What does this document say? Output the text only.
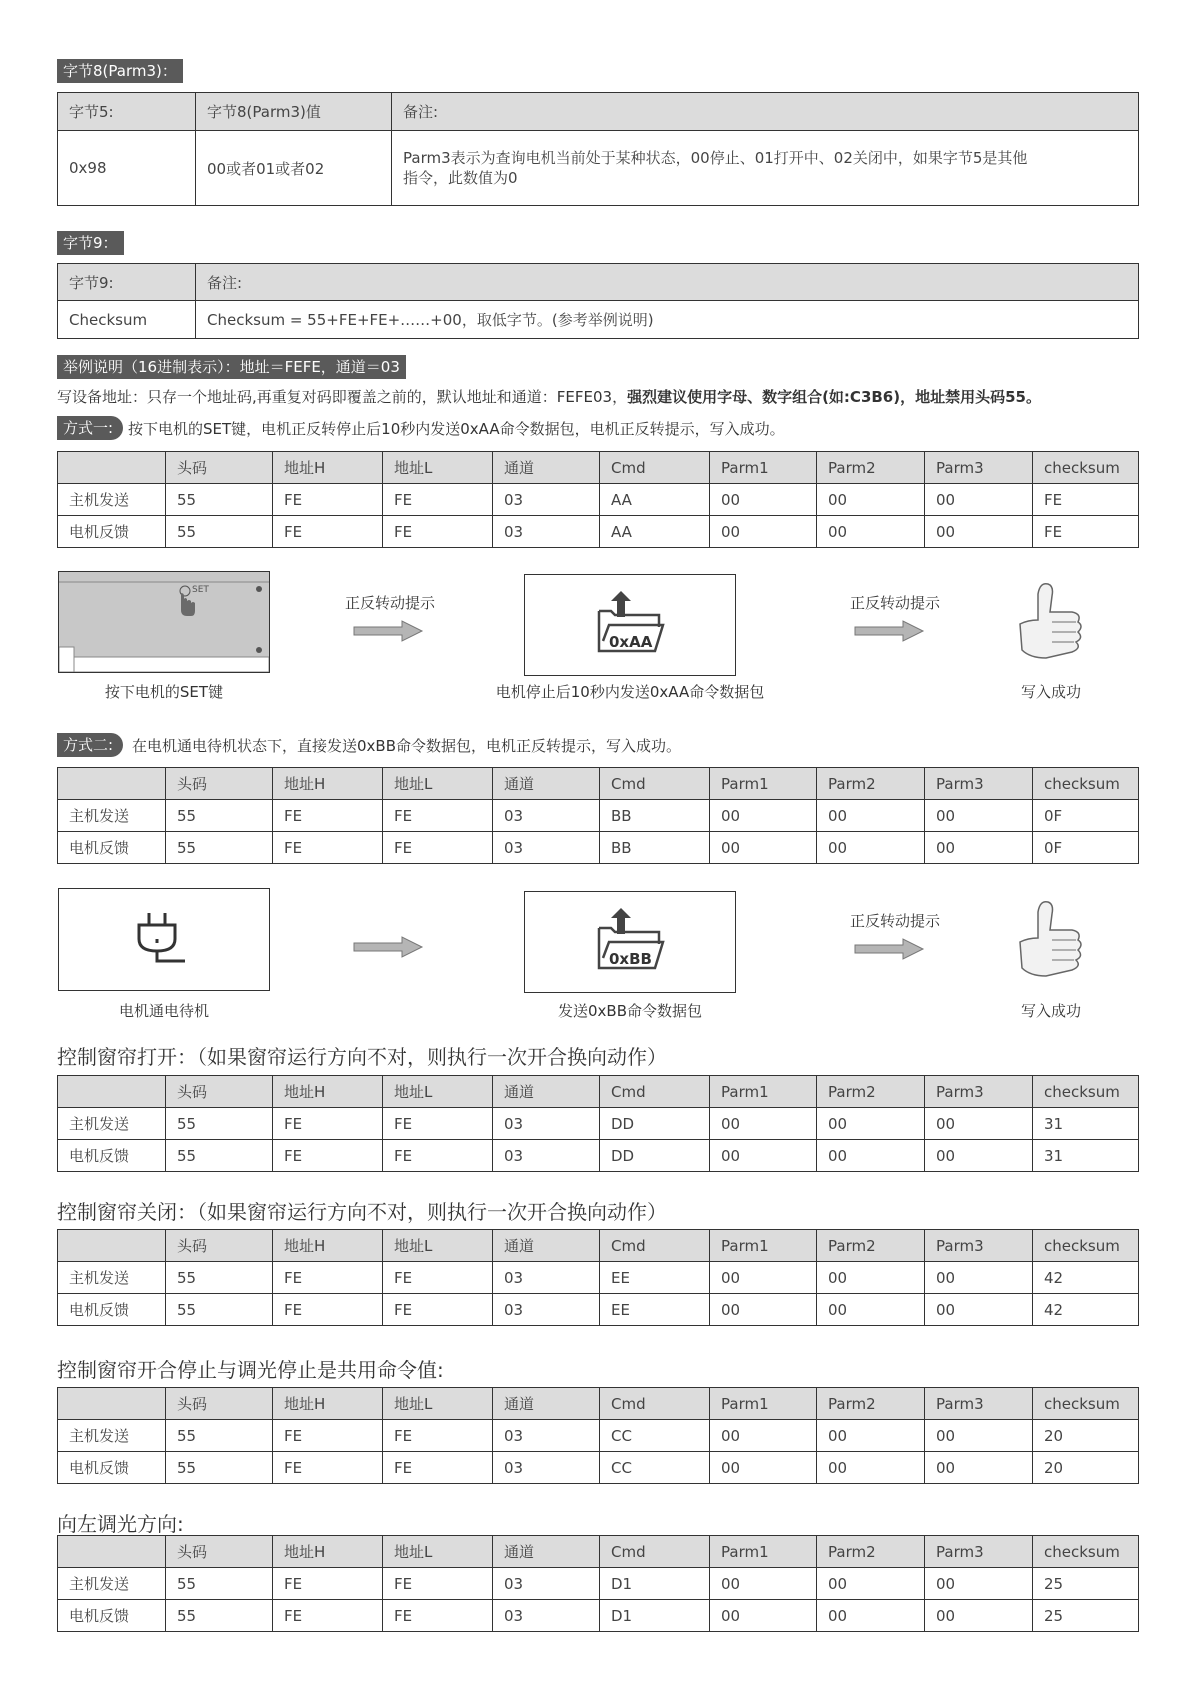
字节8(Parm3)：
字节5:	字节8(Parm3)值	备注:
0x98	00或者01或者02	Parm3表示为查询电机当前处于某种状态，00停止、01打开中、02关闭中，如果字节5是其他
指令，此数值为0
字节9：
字节9:	备注:
Checksum	Checksum = 55+FE+FE+……+00，取低字节。(参考举例说明)
举例说明（16进制表示）：地址＝FEFE，通道＝03
写设备地址：只存一个地址码,再重复对码即覆盖之前的，默认地址和通道：FEFE03，强烈建议使用字母、数字组合(如:C3B6)，地址禁用头码55。
方式一: 按下电机的SET键，电机正反转停止后10秒内发送0xAA命令数据包，电机正反转提示，写入成功。
	头码	地址H	地址L	通道	Cmd	Parm1	Parm2	Parm3	checksum
主机发送	55	FE	FE	03	AA	00	00	00	FE
电机反馈	55	FE	FE	03	AA	00	00	00	FE
SET
按下电机的SET键
正反转动提示
0xAA
电机停止后10秒内发送0xAA命令数据包
正反转动提示
写入成功
方式二:	在电机通电待机状态下，直接发送0xBB命令数据包，电机正反转提示，写入成功。
	头码	地址H	地址L	通道	Cmd	Parm1	Parm2	Parm3	checksum
主机发送	55	FE	FE	03	BB	00	00	00	0F
电机反馈	55	FE	FE	03	BB	00	00	00	0F
电机通电待机
0xBB
发送0xBB命令数据包
正反转动提示
写入成功
控制窗帘打开：（如果窗帘运行方向不对，则执行一次开合换向动作）
	头码	地址H	地址L	通道	Cmd	Parm1	Parm2	Parm3	checksum
主机发送	55	FE	FE	03	DD	00	00	00	31
电机反馈	55	FE	FE	03	DD	00	00	00	31
控制窗帘关闭：（如果窗帘运行方向不对，则执行一次开合换向动作）
	头码	地址H	地址L	通道	Cmd	Parm1	Parm2	Parm3	checksum
主机发送	55	FE	FE	03	EE	00	00	00	42
电机反馈	55	FE	FE	03	EE	00	00	00	42
控制窗帘开合停止与调光停止是共用命令值:
	头码	地址H	地址L	通道	Cmd	Parm1	Parm2	Parm3	checksum
主机发送	55	FE	FE	03	CC	00	00	00	20
电机反馈	55	FE	FE	03	CC	00	00	00	20
向左调光方向:
	头码	地址H	地址L	通道	Cmd	Parm1	Parm2	Parm3	checksum
主机发送	55	FE	FE	03	D1	00	00	00	25
电机反馈	55	FE	FE	03	D1	00	00	00	25
